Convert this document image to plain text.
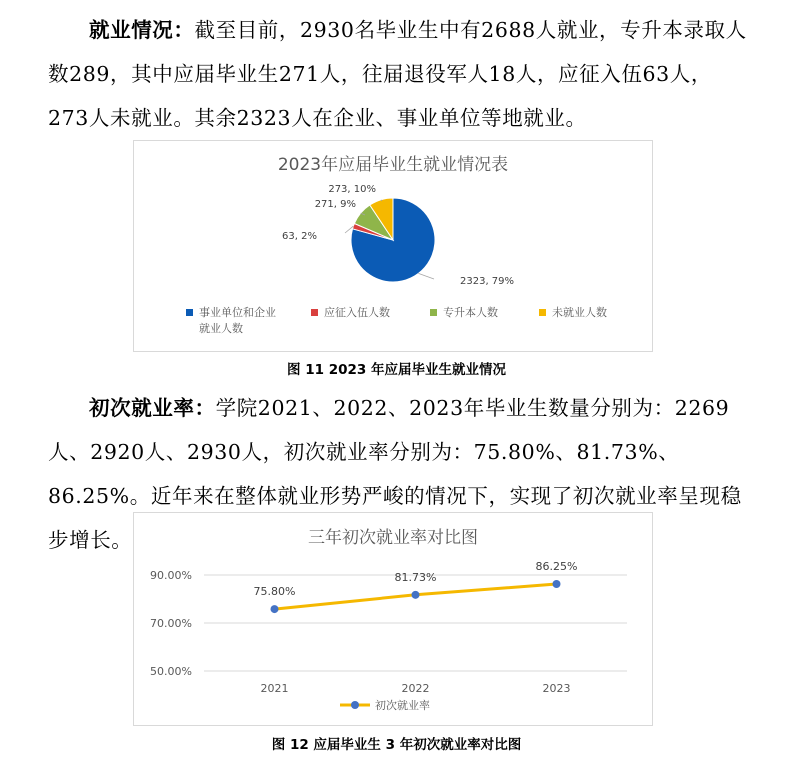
就业情况：截至目前，2930名毕业生中有2688人就业，专升本录取人数289，其中应届毕业生271人，往届退役军人18人，应征入伍63人，273人未就业。其余2323人在企业、事业单位等地就业。

2023年应届毕业生就业情况表
2323, 79%
63, 2%
271, 9%
273, 10%
事业单位和企业
就业人数
应征入伍人数	专升本人数	未就业人数
图 11 2023 年应届毕业生就业情况

初次就业率：学院2021、2022、2023年毕业生数量分别为：2269人、2920人、2930人，初次就业率分别为：75.80%、81.73%、86.25%。近年来在整体就业形势严峻的情况下，实现了初次就业率呈现稳步增长。	三年初次就业率对比图
90.00%
70.00%
50.00%
2021	2022	2023
75.80%
81.73%
86.25%
初次就业率
图 12 应届毕业生 3 年初次就业率对比图
